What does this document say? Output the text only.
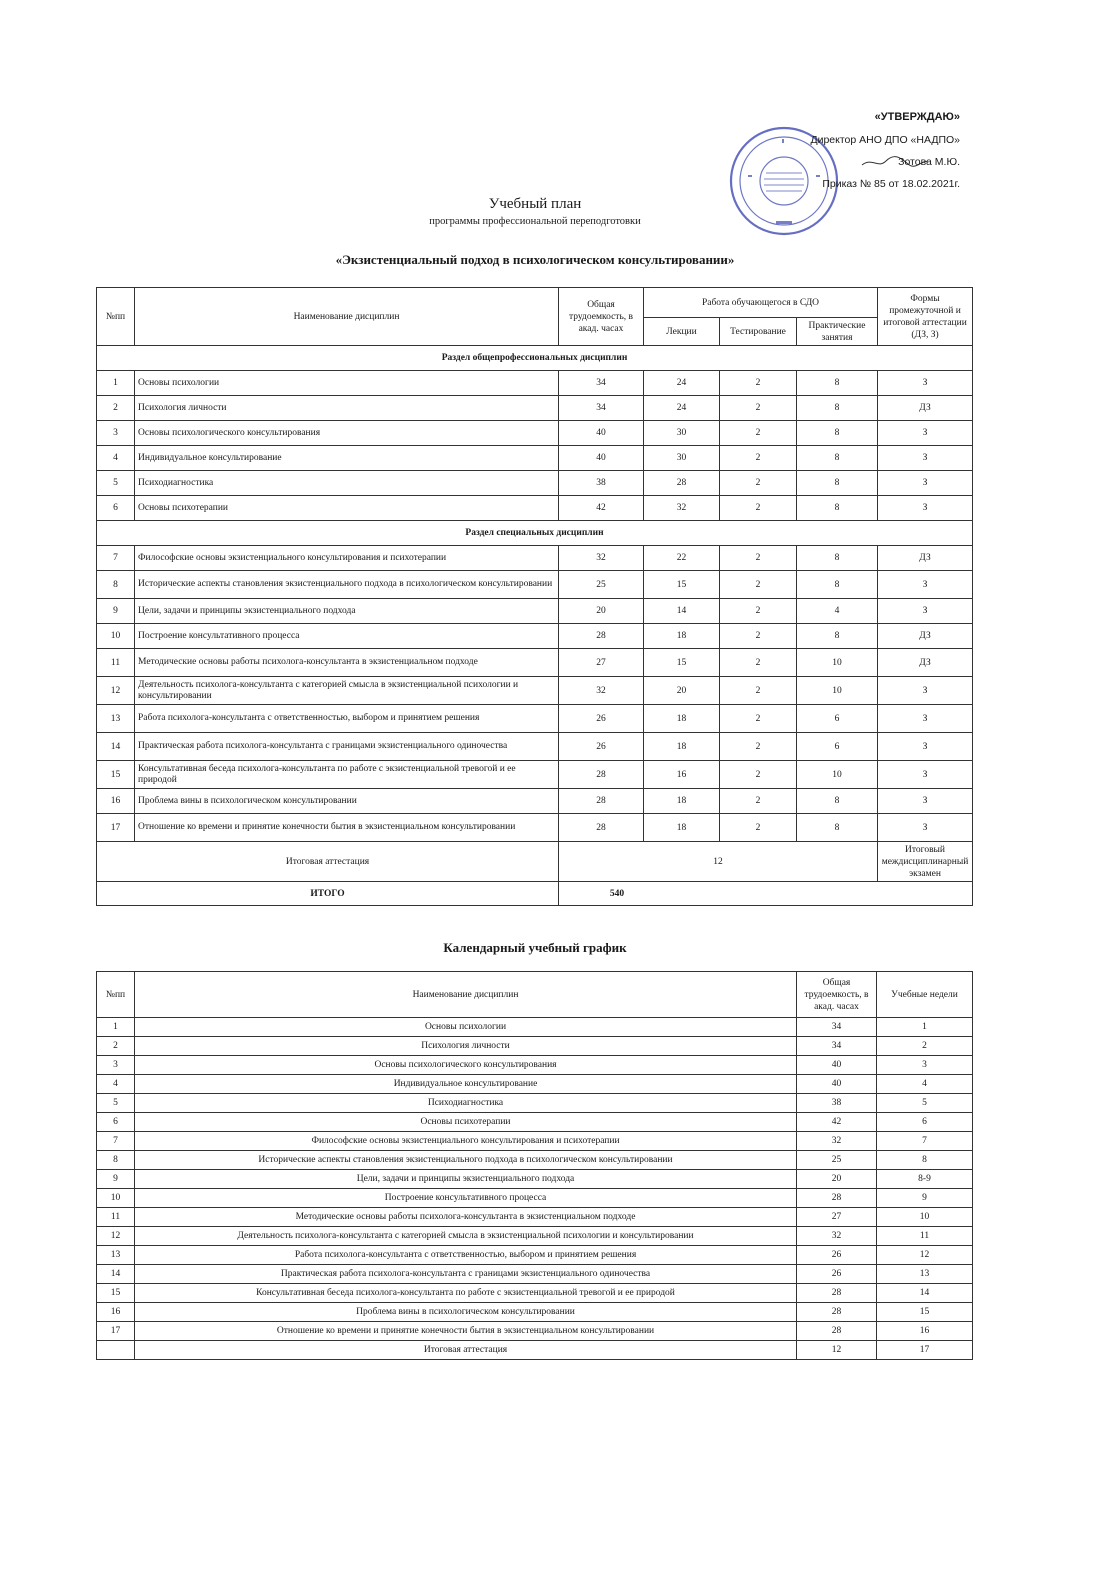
«УТВЕРЖДАЮ»
Директор АНО ДПО «НАДПО»
Зотова М.Ю.
Приказ № 85 от 18.02.2021г.
Учебный план
программы профессиональной переподготовки
«Экзистенциальный подход в психологическом консультировании»
№пп	Наименование дисциплин	Общая трудоемкость, в акад. часах	Работа обучающегося в СДО			Формы промежуточной и итоговой аттестации (ДЗ, З)
			Лекции	Тестирование	Практические занятия	
Раздел общепрофессиональных дисциплин						
1	Основы психологии	34	24	2	8	З
2	Психология личности	34	24	2	8	ДЗ
3	Основы психологического консультирования	40	30	2	8	З
4	Индивидуальное консультирование	40	30	2	8	З
5	Психодиагностика	38	28	2	8	З
6	Основы психотерапии	42	32	2	8	З
Раздел специальных дисциплин						
7	Философские основы экзистенциального консультирования и психотерапии	32	22	2	8	ДЗ
8	Исторические аспекты становления экзистенциального подхода в психологическом консультировании	25	15	2	8	З
9	Цели, задачи и принципы экзистенциального подхода	20	14	2	4	З
10	Построение консультативного процесса	28	18	2	8	ДЗ
11	Методические основы работы психолога-консультанта в экзистенциальном подходе	27	15	2	10	ДЗ
12	Деятельность психолога-консультанта с категорией смысла в экзистенциальной психологии и консультировании	32	20	2	10	З
13	Работа психолога-консультанта с ответственностью, выбором и принятием решения	26	18	2	6	З
14	Практическая работа психолога-консультанта с границами экзистенциального одиночества	26	18	2	6	З
15	Консультативная беседа психолога-консультанта по работе с экзистенциальной тревогой и ее природой	28	16	2	10	З
16	Проблема вины в психологическом консультировании	28	18	2	8	З
17	Отношение ко времени и принятие конечности бытия в экзистенциальном консультировании	28	18	2	8	З
Итоговая аттестация		12				Итоговый междисциплинарный экзамен
ИТОГО		540				
Календарный учебный график
№пп	Наименование дисциплин	Общая трудоемкость, в акад. часах	Учебные недели
1	Основы психологии	34	1
2	Психология личности	34	2
3	Основы психологического консультирования	40	3
4	Индивидуальное консультирование	40	4
5	Психодиагностика	38	5
6	Основы психотерапии	42	6
7	Философские основы экзистенциального консультирования и психотерапии	32	7
8	Исторические аспекты становления экзистенциального подхода в психологическом консультировании	25	8
9	Цели, задачи и принципы экзистенциального подхода	20	8-9
10	Построение консультативного процесса	28	9
11	Методические основы работы психолога-консультанта в экзистенциальном подходе	27	10
12	Деятельность психолога-консультанта с категорией смысла в экзистенциальной психологии и консультировании	32	11
13	Работа психолога-консультанта с ответственностью, выбором и принятием решения	26	12
14	Практическая работа психолога-консультанта с границами экзистенциального одиночества	26	13
15	Консультативная беседа психолога-консультанта по работе с экзистенциальной тревогой и ее природой	28	14
16	Проблема вины в психологическом консультировании	28	15
17	Отношение ко времени и принятие конечности бытия в экзистенциальном консультировании	28	16
	Итоговая аттестация	12	17
